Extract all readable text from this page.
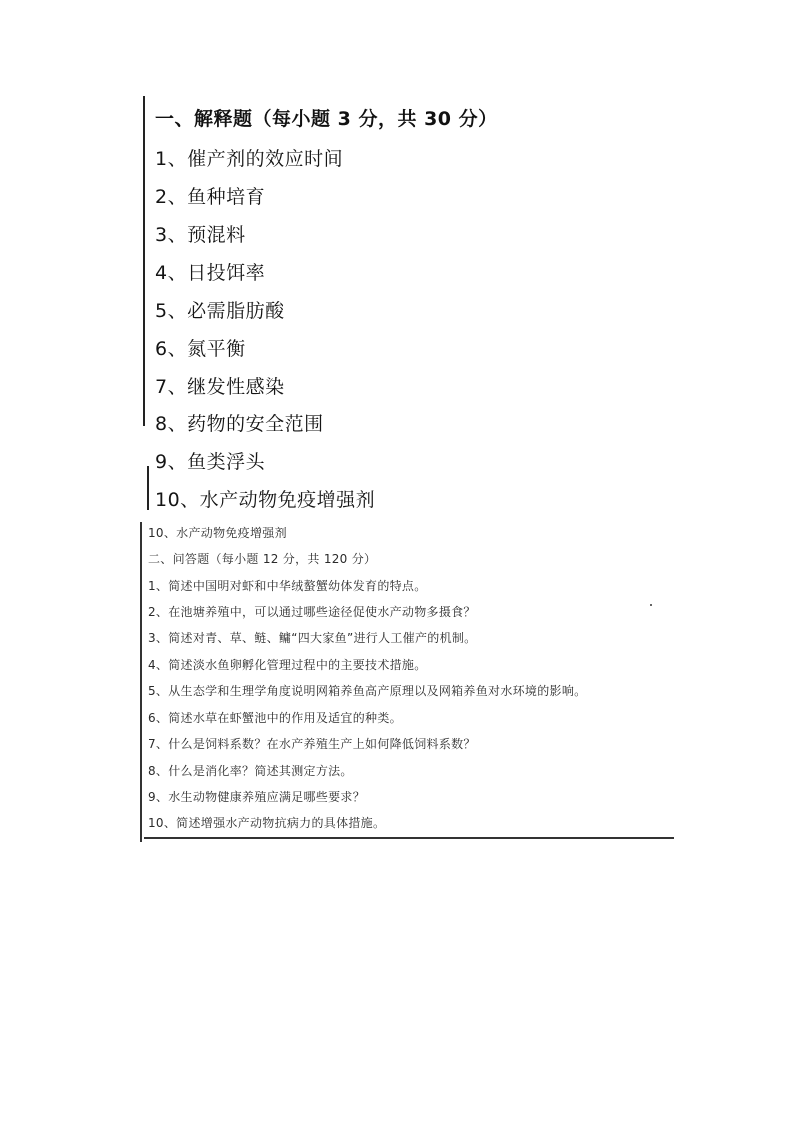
一、解释题（每小题 3 分，共 30 分）
1、催产剂的效应时间
2、鱼种培育
3、预混料
4、日投饵率
5、必需脂肪酸
6、氮平衡
7、继发性感染
8、药物的安全范围
9、鱼类浮头
10、水产动物免疫增强剂
10、水产动物免疫增强剂
二、问答题（每小题 12 分，共 120 分）
1、简述中国明对虾和中华绒螯蟹幼体发育的特点。
2、在池塘养殖中，可以通过哪些途径促使水产动物多摄食？
3、简述对青、草、鲢、鳙“四大家鱼”进行人工催产的机制。
4、简述淡水鱼卵孵化管理过程中的主要技术措施。
5、从生态学和生理学角度说明网箱养鱼高产原理以及网箱养鱼对水环境的影响。
6、简述水草在虾蟹池中的作用及适宜的种类。
7、什么是饲料系数？在水产养殖生产上如何降低饲料系数？
8、什么是消化率？简述其测定方法。
9、水生动物健康养殖应满足哪些要求？
10、简述增强水产动物抗病力的具体措施。
